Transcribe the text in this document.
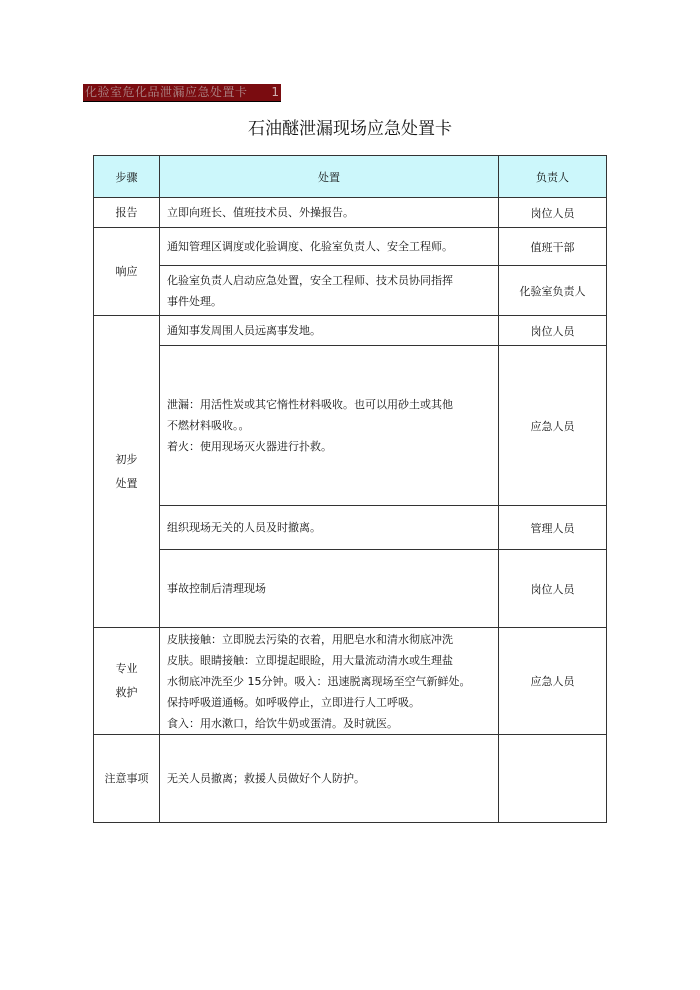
化验室危化品泄漏应急处置卡 1
石油醚泄漏现场应急处置卡
步骤	处置	负责人

报告	立即向班长、值班技术员、外操报告。	岗位人员

响应	通知管理区调度或化验调度、化验室负责人、安全工程师。	值班干部

	化验室负责人启动应急处置，安全工程师、技术员协同指挥
事件处理。	化验室负责人

初步
处置	通知事发周围人员远离事发地。	岗位人员

	泄漏：用活性炭或其它惰性材料吸收。也可以用砂土或其他
不燃材料吸收。。
着火：使用现场灭火器进行扑救。	应急人员

	组织现场无关的人员及时撤离。	管理人员

	事故控制后清理现场	岗位人员

专业
救护	皮肤接触：立即脱去污染的衣着，用肥皂水和清水彻底冲洗
皮肤。眼睛接触：立即提起眼睑，用大量流动清水或生理盐
水彻底冲洗至少 15分钟。吸入：迅速脱离现场至空气新鲜处。
保持呼吸道通畅。如呼吸停止，立即进行人工呼吸。
食入：用水漱口，给饮牛奶或蛋清。及时就医。	应急人员

注意事项	无关人员撤离；救援人员做好个人防护。	
